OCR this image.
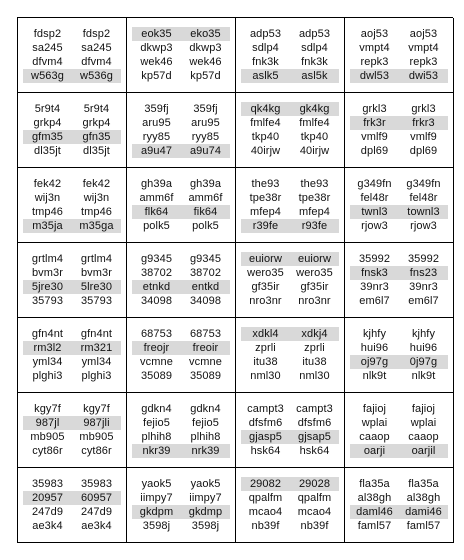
fdsp2	fdsp2
sa245	sa245
dfvm4	dfvm4
w563g	w536g
eok35	eko35
dkwp3	dkwp3
wek46	wek46
kp57d	kp57d
adp53	adp53
sdlp4	sdlp4
fnk3k	fnk3k
aslk5	asl5k
aoj53	aoj53
vmpt4	vmpt4
repk3	repk3
dwl53	dwi53
5r9t4	5r9t4
grkp4	grkp4
gfm35	gfn35
dl35jt	dl35jt
359fj	359fj
aru95	aru95
ryy85	ryy85
a9u47	a9u74
qk4kg	gk4kg
fmlfe4	fmlfe4
tkp40	tkp40
40irjw	40irjw
grkl3	grkl3
frk3r	frkr3
vmlf9	vmlf9
dpl69	dpl69
fek42	fek42
wij3n	wij3n
tmp46	tmp46
m35ja	m35ga
gh39a	gh39a
amm6f	amm6f
flk64	fik64
polk5	polk5
the93	the93
tpe38r	tpe38r
mfep4	mfep4
r39fe	r93fe
g349fn	g349fn
fel48r	fel48r
twnl3	townl3
rjow3	rjow3
grtlm4	grtlm4
bvm3r	bvm3r
5jre30	5lre30
35793	35793
g9345	g9345
38702	38702
etnkd	entkd
34098	34098
euiorw	euiorw
wero35	wero35
gf35ir	gf35ir
nro3nr	nro3nr
35992	35992
fnsk3	fns23
39nr3	39nr3
em6l7	em6l7
gfn4nt	gfn4nt
rm3l2	rm321
yml34	yml34
plghi3	plghi3
68753	68753
freojr	freoir
vcmne	vcmne
35089	35089
xdkl4	xdkj4
zprli	zprli
itu38	itu38
nml30	nml30
kjhfy	kjhfy
hui96	hui96
oj97g	0j97g
nlk9t	nlk9t
kgy7f	kgy7f
987jl	987jli
mb905	mb905
cyt86r	cyt86r
gdkn4	gdkn4
fejio5	fejio5
plhih8	plhih8
nkr39	nrk39
campt3	campt3
dfsfm6	dfsfm6
gjasp5	gjsap5
hsk64	hsk64
fajioj	fajioj
wplai	wplai
caaop	caaop
oarji	oarjil
35983	35983
20957	60957
247d9	247d9
ae3k4	ae3k4
yaok5	yaok5
iimpy7	iimpy7
gkdpm	gkdmp
3598j	3598j
29082	29028
qpalfm	qpalfm
mcao4	mcao4
nb39f	nb39f
fla35a	fla35a
al38gh	al38gh
daml46	dami46
faml57	faml57
